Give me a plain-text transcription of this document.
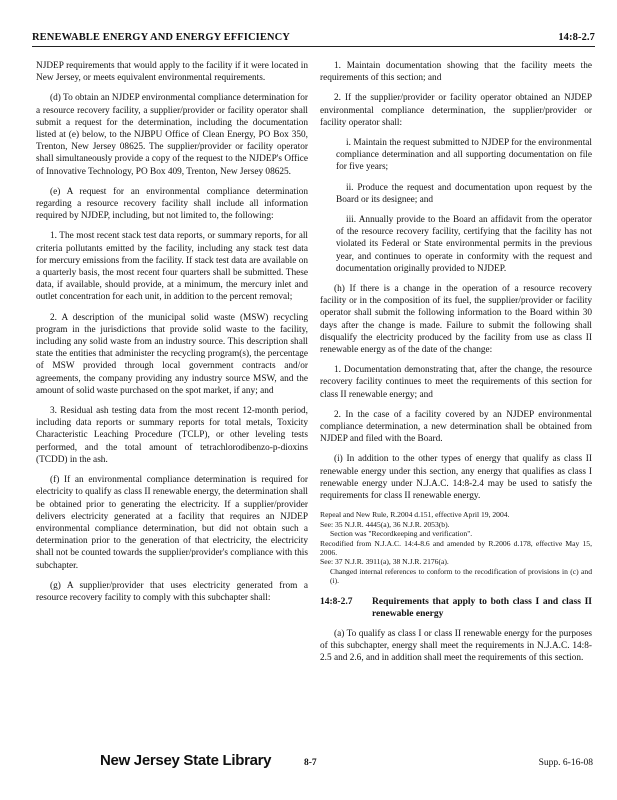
RENEWABLE ENERGY AND ENERGY EFFICIENCY	14:8-2.7

NJDEP requirements that would apply to the facility if it were located in New Jersey, or meets equivalent environmental requirements.

(d) To obtain an NJDEP environmental compliance determination for a resource recovery facility, a supplier/provider or facility operator shall submit a request for the determination, including the documentation listed at (e) below, to the NJBPU Office of Clean Energy, PO Box 350, Trenton, New Jersey 08625. The supplier/provider or facility operator shall simultaneously provide a copy of the request to the NJDEP's Office of Innovative Technology, PO Box 409, Trenton, New Jersey 08625.

(e) A request for an environmental compliance determination regarding a resource recovery facility shall include all information required by NJDEP, including, but not limited to, the following:

1. The most recent stack test data reports, or summary reports, for all criteria pollutants emitted by the facility, including any stack test data for mercury emissions from the facility. If stack test data are available on a quarterly basis, the most recent four quarters shall be submitted. These data, if available, should provide, at a minimum, the mercury inlet and outlet concentration for each unit, in addition to the percent removal;

2. A description of the municipal solid waste (MSW) recycling program in the jurisdictions that provide solid waste to the facility, including any solid waste from an industry source. This description shall state the entities that administer the recycling program(s), the percentage of MSW provided through local government contracts and/or agreements, the company providing any industry source MSW, and the amount of solid waste purchased on the spot market, if any; and

3. Residual ash testing data from the most recent 12-month period, including data reports or summary reports for total metals, Toxicity Characteristic Leaching Procedure (TCLP), or other leveling tests performed, and the total amount of tetrachlorodibenzo-p-dioxins (TCDD) in the ash.

(f) If an environmental compliance determination is required for electricity to qualify as class II renewable energy, the determination shall be obtained prior to generating the electricity. If a supplier/provider delivers electricity generated at a facility that requires an NJDEP environmental compliance determination, but did not obtain such a determination prior to the generation of that electricity, the electricity shall not be counted towards the supplier/provider's compliance with this subchapter.

(g) A supplier/provider that uses electricity generated from a resource recovery facility to comply with this subchapter shall:

1. Maintain documentation showing that the facility meets the requirements of this section; and

2. If the supplier/provider or facility operator obtained an NJDEP environmental compliance determination, the supplier/provider or facility operator shall:

i. Maintain the request submitted to NJDEP for the environmental compliance determination and all supporting documentation on file for five years;

ii. Produce the request and documentation upon request by the Board or its designee; and

iii. Annually provide to the Board an affidavit from the operator of the resource recovery facility, certifying that the facility has not violated its Federal or State environmental permits in the previous year, and continues to operate in conformity with the request and documentation originally provided to NJDEP.

(h) If there is a change in the operation of a resource recovery facility or in the composition of its fuel, the supplier/provider or facility operator shall submit the following information to the Board within 30 days after the change is made. Failure to submit the following shall disqualify the electricity produced by the facility from use as class II renewable energy as of the date of the change:

1. Documentation demonstrating that, after the change, the resource recovery facility continues to meet the requirements of this section for class II renewable energy; and

2. In the case of a facility covered by an NJDEP environmental compliance determination, a new determination shall be obtained from NJDEP and filed with the Board.

(i) In addition to the other types of energy that qualify as class II renewable energy under this section, any energy that qualifies as class I renewable energy under N.J.A.C. 14:8-2.4 may be used to satisfy the requirements for class II renewable energy.

Repeal and New Rule, R.2004 d.151, effective April 19, 2004.
See: 35 N.J.R. 4445(a), 36 N.J.R. 2053(b).
Section was "Recordkeeping and verification".
Recodified from N.J.A.C. 14:4-8.6 and amended by R.2006 d.178, effective May 15, 2006.
See: 37 N.J.R. 3911(a), 38 N.J.R. 2176(a).
Changed internal references to conform to the recodification of provisions in (c) and (i).
14:8-2.7	Requirements that apply to both class I and class II renewable energy

(a) To qualify as class I or class II renewable energy for the purposes of this subchapter, energy shall meet the requirements in N.J.A.C. 14:8-2.5 and 2.6, and in addition shall meet the requirements of this section.

New Jersey State Library	8-7	Supp. 6-16-08
